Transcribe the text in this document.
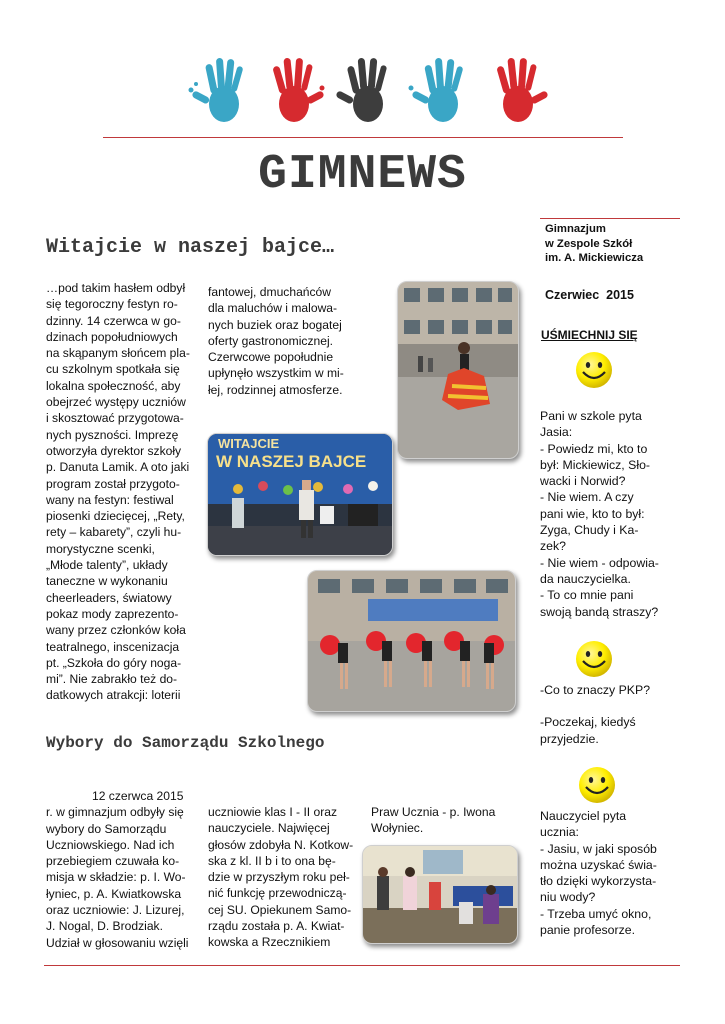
GIMNEWS
Gimnazjum
w Zespole Szkół
im. A. Mickiewicza
Czerwiec  2015
UŚMIECHNIJ SIĘ
Pani w szkole pyta
Jasia:
- Powiedz mi, kto to
był: Mickiewicz, Sło-
wacki i Norwid?
- Nie wiem. A czy
pani wie, kto to był:
Zyga, Chudy i Ka-
zek?
- Nie wiem - odpowia-
da nauczycielka.
- To co mnie pani
swoją bandą straszy?
-Co to znaczy PKP?
-Poczekaj, kiedyś
przyjedzie.
Nauczyciel pyta
ucznia:
- Jasiu, w jaki sposób
można uzyskać świa-
tło dzięki wykorzysta-
niu wody?
- Trzeba umyć okno,
panie profesorze.
Witajcie w naszej bajce…
…pod takim hasłem odbył
się tegoroczny festyn ro-
dzinny. 14 czerwca w go-
dzinach popołudniowych
na skąpanym słońcem pla-
cu szkolnym spotkała się
lokalna społeczność, aby
obejrzeć występy uczniów
i skosztować przygotowa-
nych pyszności. Imprezę
otworzyła dyrektor szkoły
p. Danuta Lamik. A oto jaki
program został przygoto-
wany na festyn: festiwal
piosenki dziecięcej, „Rety,
rety – kabarety”, czyli hu-
morystyczne scenki,
„Młode talenty”, układy
taneczne w wykonaniu
cheerleaders, światowy
pokaz mody zaprezento-
wany przez członków koła
teatralnego, inscenizacja
pt. „Szkoła do góry noga-
mi”. Nie zabrakło też do-
datkowych atrakcji: loterii
fantowej, dmuchańców
dla maluchów i malowa-
nych buziek oraz bogatej
oferty gastronomicznej.
Czerwcowe popołudnie
upłynęło wszystkim w mi-
łej, rodzinnej atmosferze.
WITAJCIE
W NASZEJ BAJCE
Wybory do Samorządu Szkolnego
12 czerwca 2015
r. w gimnazjum odbyły się
wybory do Samorządu
Uczniowskiego. Nad ich
przebiegiem czuwała ko-
misja w składzie: p. I. Wo-
łyniec, p. A. Kwiatkowska
oraz uczniowie: J. Lizurej,
J. Nogal, D. Brodziak.
Udział w głosowaniu wzięli
uczniowie klas I - II oraz
nauczyciele. Najwięcej
głosów zdobyła N. Kotkow-
ska z kl. II b i to ona bę-
dzie w przyszłym roku peł-
nić funkcję przewodniczą-
cej SU. Opiekunem Samo-
rządu została p. A. Kwiat-
kowska a Rzecznikiem
Praw Ucznia - p. Iwona
Wołyniec.
